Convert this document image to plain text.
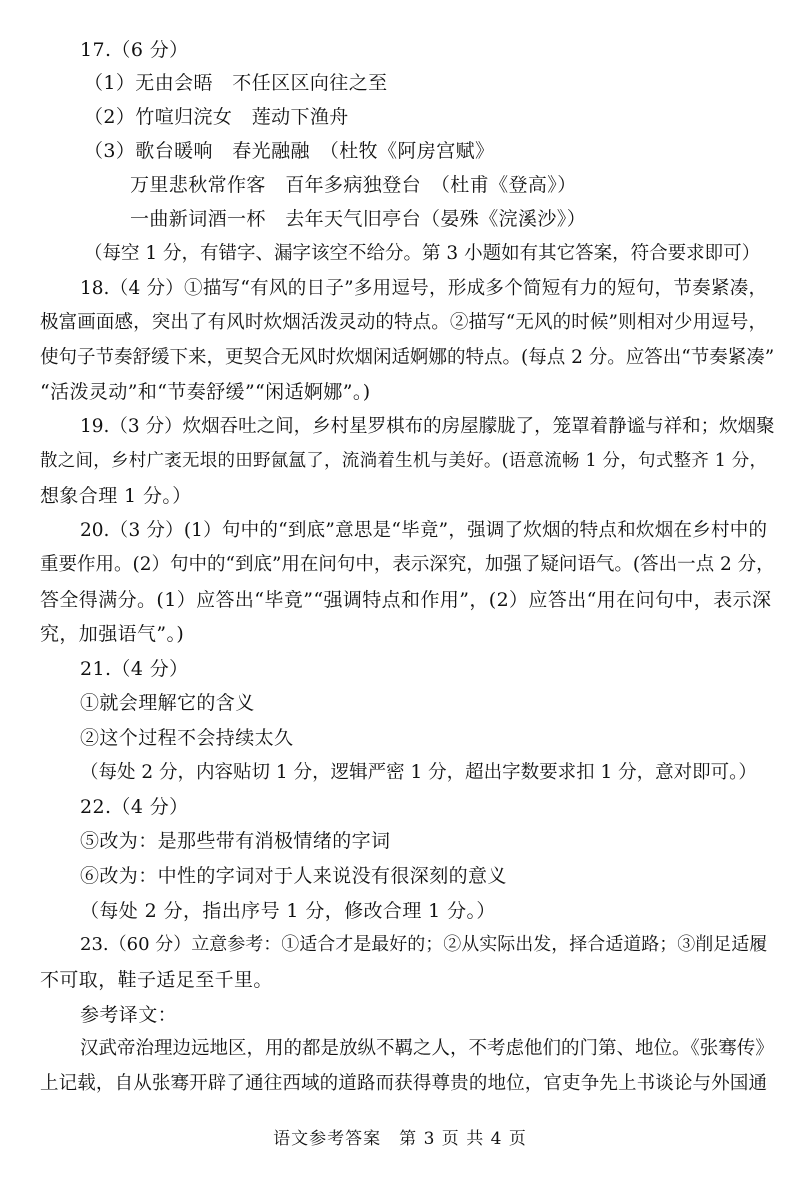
17.（6 分）
（1）无由会晤　不任区区向往之至
（2）竹喧归浣女　莲动下渔舟
（3）歌台暖响　春光融融　（杜牧《阿房宫赋》
万里悲秋常作客　百年多病独登台　（杜甫《登高》）
一曲新词酒一杯　去年天气旧亭台（晏殊《浣溪沙》）
（每空 1 分，有错字、漏字该空不给分。第 3 小题如有其它答案，符合要求即可）
18.（4 分）①描写“有风的日子”多用逗号，形成多个简短有力的短句，节奏紧凑，
极富画面感，突出了有风时炊烟活泼灵动的特点。②描写“无风的时候”则相对少用逗号，
使句子节奏舒缓下来，更契合无风时炊烟闲适婀娜的特点。(每点 2 分。应答出“节奏紧凑”
“活泼灵动”和“节奏舒缓”“闲适婀娜”。)
19.（3 分）炊烟吞吐之间，乡村星罗棋布的房屋朦胧了，笼罩着静谧与祥和；炊烟聚
散之间，乡村广袤无垠的田野氤氲了，流淌着生机与美好。(语意流畅 1 分，句式整齐 1 分，
想象合理 1 分。）
20.（3 分）(1）句中的“到底”意思是“毕竟”，强调了炊烟的特点和炊烟在乡村中的
重要作用。(2）句中的“到底”用在问句中，表示深究，加强了疑问语气。(答出一点 2 分，
答全得满分。(1）应答出“毕竟”“强调特点和作用”，(2）应答出“用在问句中，表示深
究，加强语气”。)
21.（4 分）
①就会理解它的含义
②这个过程不会持续太久
（每处 2 分，内容贴切 1 分，逻辑严密 1 分，超出字数要求扣 1 分，意对即可。）
22.（4 分）
⑤改为：是那些带有消极情绪的字词
⑥改为：中性的字词对于人来说没有很深刻的意义
（每处 2 分，指出序号 1 分，修改合理 1 分。）
23.（60 分）立意参考：①适合才是最好的；②从实际出发，择合适道路；③削足适履
不可取，鞋子适足至千里。
参考译文：
汉武帝治理边远地区，用的都是放纵不羁之人，不考虑他们的门第、地位。《张骞传》
上记载，自从张骞开辟了通往西域的道路而获得尊贵的地位，官吏争先上书谈论与外国通
语文参考答案　第 3 页 共 4 页
